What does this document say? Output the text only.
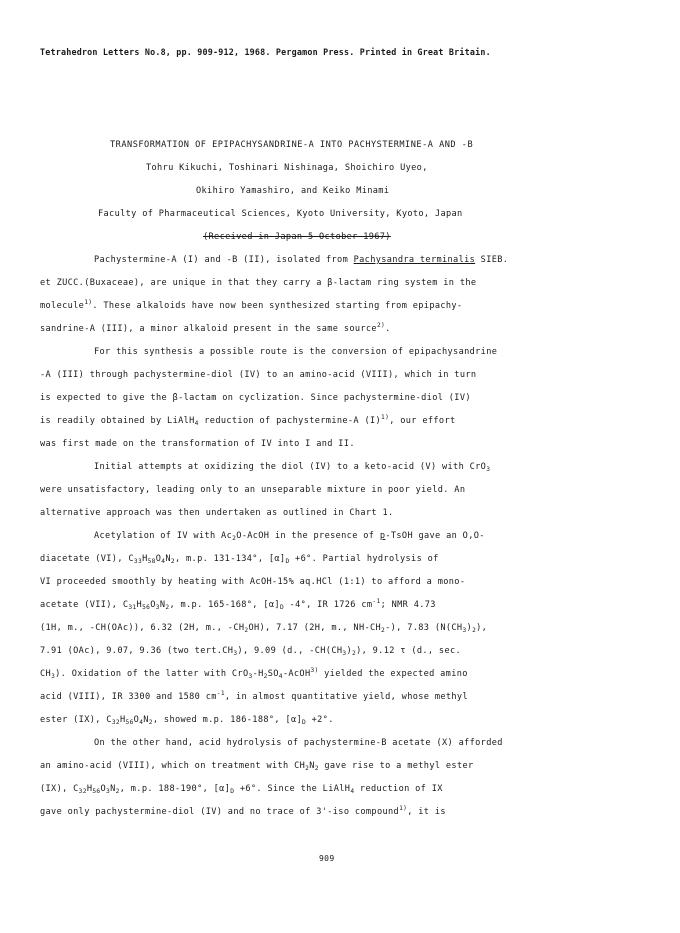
Tetrahedron Letters No.8, pp. 909-912, 1968. Pergamon Press. Printed in Great Britain.
TRANSFORMATION OF EPIPACHYSANDRINE-A INTO PACHYSTERMINE-A AND -B
Tohru Kikuchi, Toshinari Nishinaga, Shoichiro Uyeo,
Okihiro Yamashiro, and Keiko Minami
Faculty of Pharmaceutical Sciences, Kyoto University, Kyoto, Japan
(Received in Japan 5 October 1967)
Pachystermine-A (I) and -B (II), isolated from Pachysandra terminalis SIEB.
et ZUCC.(Buxaceae), are unique in that they carry a β-lactam ring system in the
molecule$^{1)}$. These alkaloids have now been synthesized starting from epipachy-
sandrine-A (III), a minor alkaloid present in the same source$^{2)}$.
For this synthesis a possible route is the conversion of epipachysandrine
-A (III) through pachystermine-diol (IV) to an amino-acid (VIII), which in turn
is expected to give the β-lactam on cyclization. Since pachystermine-diol (IV)
is readily obtained by LiAlH$_4$ reduction of pachystermine-A $(I)^{1)}$, our effort
was first made on the transformation of IV into I and II.
Initial attempts at oxidizing the diol (IV) to a keto-acid (V) with CrO$_3$
were unsatisfactory, leading only to an unseparable mixture in poor yield. An
alternative approach was then undertaken as outlined in Chart 1.
Acetylation of IV with $Ac_2O$-AcOH in the presence of p-TsOH gave an O,O-
diacetate (VI), $C_{33}H_{58}O_4N_2$, m.p. 131-134°, $[\alpha]_D +6^\circ$. Partial hydrolysis of
VI proceeded smoothly by heating with AcOH-15% aq.HCl (1:1) to afford a mono-
acetate (VII), $C_{31}H_{56}O_3N_2$, m.p. 165-168°, $[\alpha]_D$ -4°, IR 1726 $cm^{-1}$; NMR 4.73
(1H, m., -CH(OAc)), 6.32 (2H, m., $-CH_2OH$), 7.17 (2H, m., $NH-CH_2-$), 7.83 $(N(CH_3)_2)$,
7.91 (OAc), 9.07, 9.36 (two $tert.CH_3$), 9.09 (d., $-CH(CH_3)_2$), 9.12 τ (d., sec.
$CH_3$). Oxidation of the latter with $CrO_3-H_2SO_4-AcOH^{3)}$ yielded the expected amino
acid (VIII), IR 3300 and 1580 $cm^{-1}$, in almost quantitative yield, whose methyl
ester (IX), $C_{32}H_{56}O_4N_2$, showed m.p. 186-188°, $[\alpha]_D +2^\circ$.
On the other hand, acid hydrolysis of pachystermine-B acetate (X) afforded
an amino-acid (VIII), which on treatment with $CH_2N_2$ gave rise to a methyl ester
(IX), $C_{32}H_{56}O_3N_2$, m.p. 188-190°, $[\alpha]_D +6^\circ$. Since the LiAlH$_4$ reduction of IX
gave only pachystermine-diol (IV) and no trace of 3'-iso compound$^{1)}$, it is
909
